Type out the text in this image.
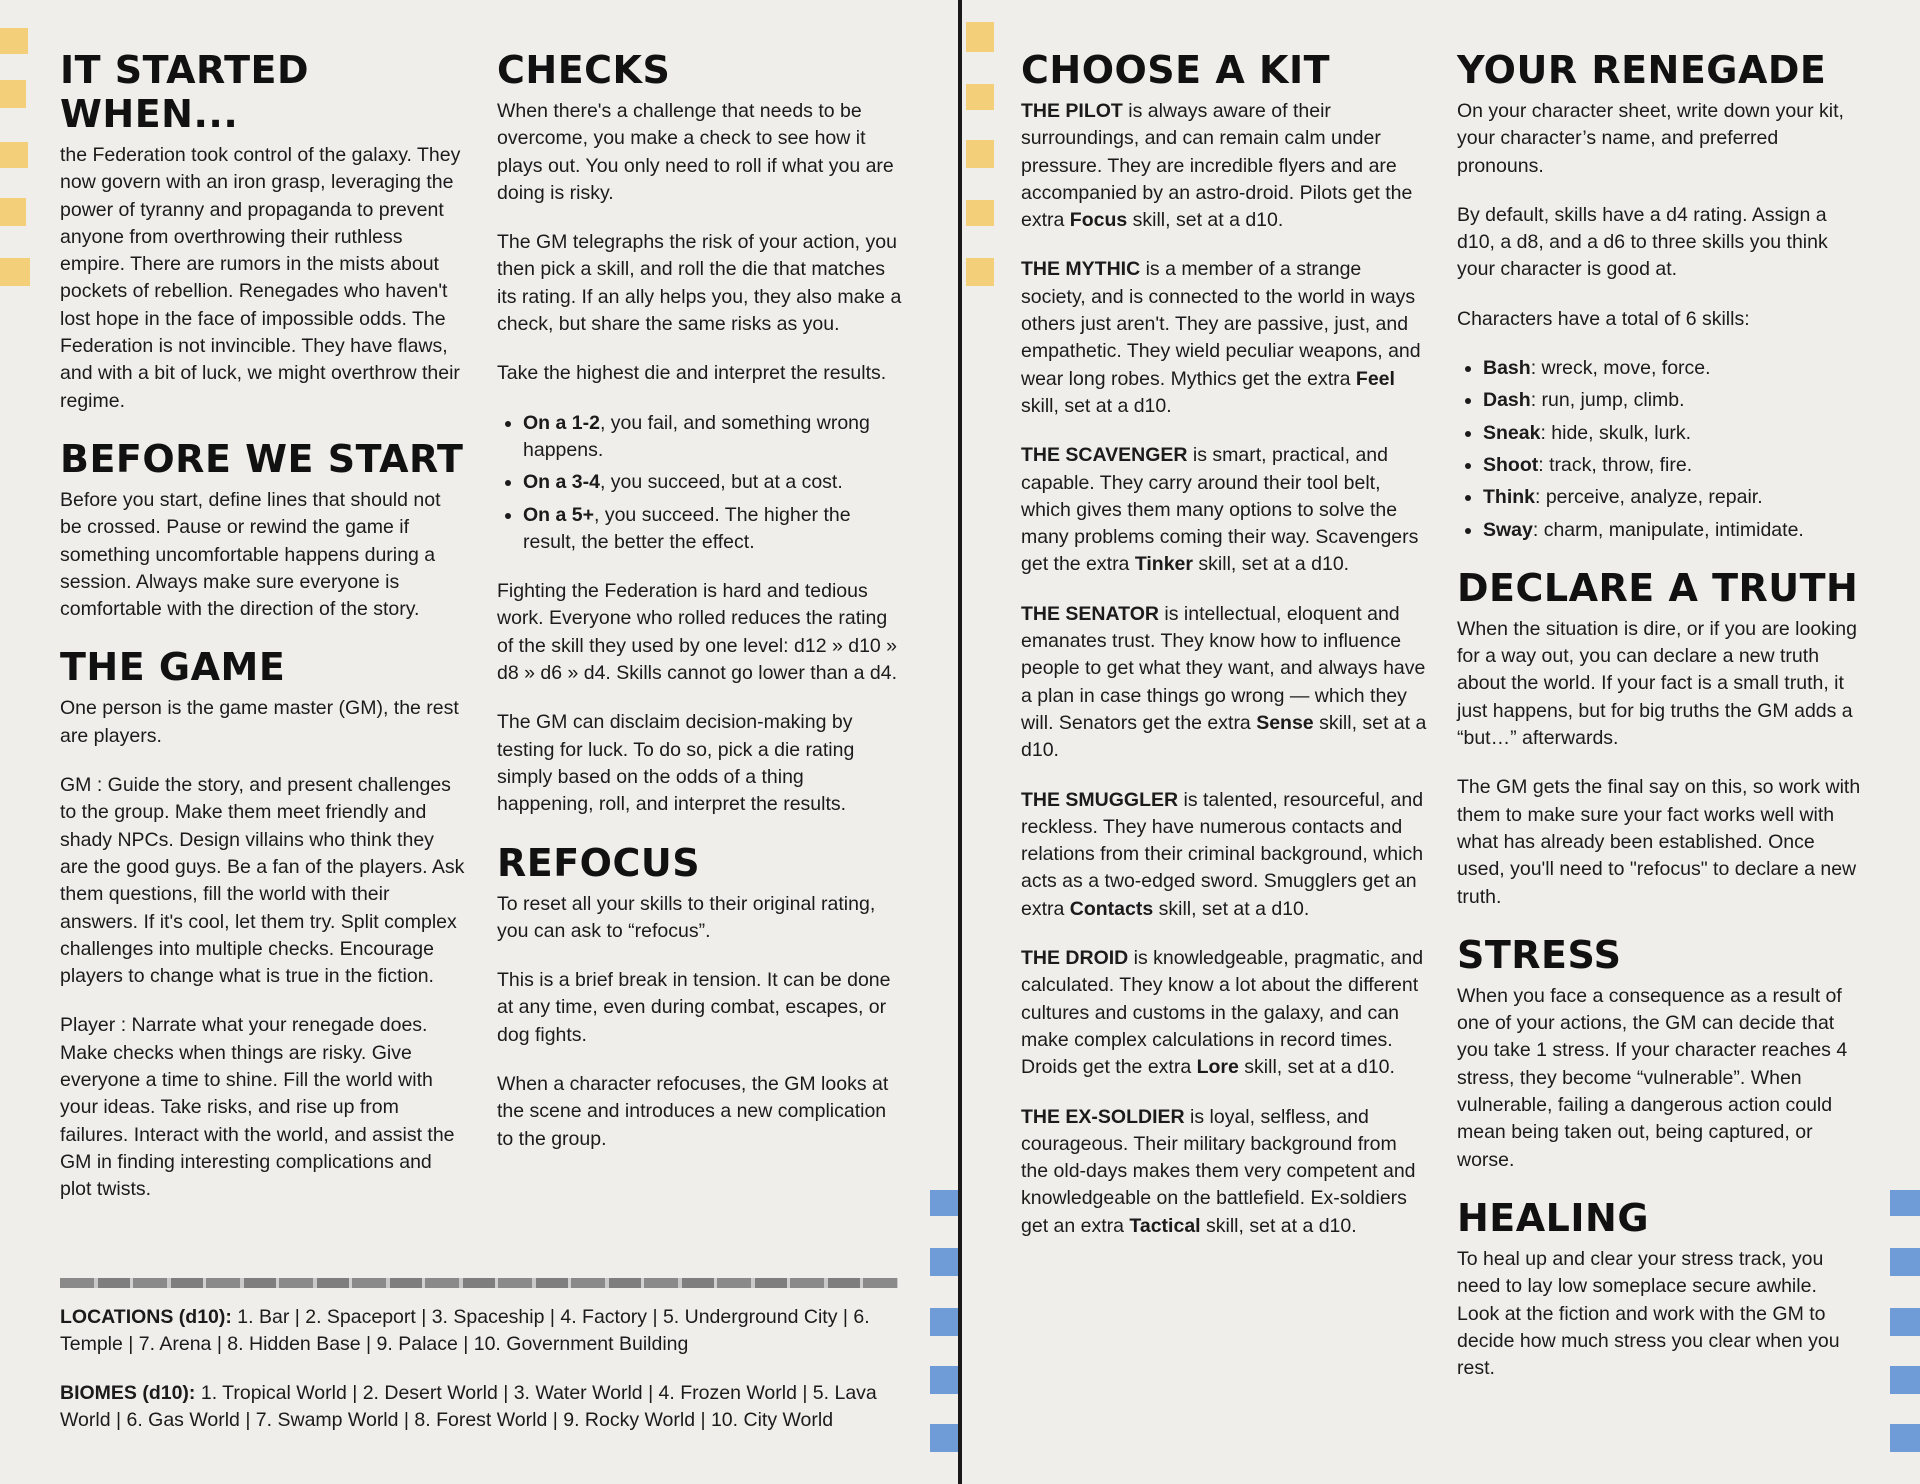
IT STARTED WHEN...

the Federation took control of the galaxy. They now govern with an iron grasp, leveraging the power of tyranny and propaganda to prevent anyone from overthrowing their ruthless empire. There are rumors in the mists about pockets of rebellion. Renegades who haven't lost hope in the face of impossible odds. The Federation is not invincible. They have flaws, and with a bit of luck, we might overthrow their regime.

BEFORE WE START

Before you start, define lines that should not be crossed. Pause or rewind the game if something uncomfortable happens during a session. Always make sure everyone is comfortable with the direction of the story.

THE GAME

One person is the game master (GM), the rest are players.

GM : Guide the story, and present challenges to the group. Make them meet friendly and shady NPCs. Design villains who think they are the good guys. Be a fan of the players. Ask them questions, fill the world with their answers. If it's cool, let them try. Split complex challenges into multiple checks. Encourage players to change what is true in the fiction.

Player : Narrate what your renegade does. Make checks when things are risky. Give everyone a time to shine. Fill the world with your ideas. Take risks, and rise up from failures. Interact with the world, and assist the GM in finding interesting complications and plot twists.

CHECKS

When there's a challenge that needs to be overcome, you make a check to see how it plays out. You only need to roll if what you are doing is risky.

The GM telegraphs the risk of your action, you then pick a skill, and roll the die that matches its rating. If an ally helps you, they also make a check, but share the same risks as you.

Take the highest die and interpret the results.

• On a 1-2, you fail, and something wrong happens.
• On a 3-4, you succeed, but at a cost.
• On a 5+, you succeed. The higher the result, the better the effect.

Fighting the Federation is hard and tedious work. Everyone who rolled reduces the rating of the skill they used by one level: d12 » d10 » d8 » d6 » d4. Skills cannot go lower than a d4.

The GM can disclaim decision-making by testing for luck. To do so, pick a die rating simply based on the odds of a thing happening, roll, and interpret the results.

REFOCUS

To reset all your skills to their original rating, you can ask to “refocus”.

This is a brief break in tension. It can be done at any time, even during combat, escapes, or dog fights.

When a character refocuses, the GM looks at the scene and introduces a new complication to the group.

LOCATIONS (d10): 1. Bar | 2. Spaceport | 3. Spaceship | 4. Factory | 5. Underground City | 6. Temple | 7. Arena | 8. Hidden Base | 9. Palace | 10. Government Building
BIOMES (d10): 1. Tropical World | 2. Desert World | 3. Water World | 4. Frozen World | 5. Lava World | 6. Gas World | 7. Swamp World | 8. Forest World | 9. Rocky World | 10. City World
CHOOSE A KIT

THE PILOT is always aware of their surroundings, and can remain calm under pressure. They are incredible flyers and are accompanied by an astro-droid. Pilots get the extra Focus skill, set at a d10.

THE MYTHIC is a member of a strange society, and is connected to the world in ways others just aren't. They are passive, just, and empathetic. They wield peculiar weapons, and wear long robes. Mythics get the extra Feel skill, set at a d10.

THE SCAVENGER is smart, practical, and capable. They carry around their tool belt, which gives them many options to solve the many problems coming their way. Scavengers get the extra Tinker skill, set at a d10.

THE SENATOR is intellectual, eloquent and emanates trust. They know how to influence people to get what they want, and always have a plan in case things go wrong — which they will. Senators get the extra Sense skill, set at a d10.

THE SMUGGLER is talented, resourceful, and reckless. They have numerous contacts and relations from their criminal background, which acts as a two-edged sword. Smugglers get an extra Contacts skill, set at a d10.

THE DROID is knowledgeable, pragmatic, and calculated. They know a lot about the different cultures and customs in the galaxy, and can make complex calculations in record times. Droids get the extra Lore skill, set at a d10.

THE EX-SOLDIER is loyal, selfless, and courageous. Their military background from the old-days makes them very competent and knowledgeable on the battlefield. Ex-soldiers get an extra Tactical skill, set at a d10.

YOUR RENEGADE

On your character sheet, write down your kit, your character’s name, and preferred pronouns.

By default, skills have a d4 rating. Assign a d10, a d8, and a d6 to three skills you think your character is good at.

Characters have a total of 6 skills:

• Bash: wreck, move, force.
• Dash: run, jump, climb.
• Sneak: hide, skulk, lurk.
• Shoot: track, throw, fire.
• Think: perceive, analyze, repair.
• Sway: charm, manipulate, intimidate.
DECLARE A TRUTH

When the situation is dire, or if you are looking for a way out, you can declare a new truth about the world. If your fact is a small truth, it just happens, but for big truths the GM adds a “but…” afterwards.

The GM gets the final say on this, so work with them to make sure your fact works well with what has already been established. Once used, you'll need to "refocus" to declare a new truth.

STRESS

When you face a consequence as a result of one of your actions, the GM can decide that you take 1 stress. If your character reaches 4 stress, they become “vulnerable”. When vulnerable, failing a dangerous action could mean being taken out, being captured, or worse.

HEALING

To heal up and clear your stress track, you need to lay low someplace secure awhile. Look at the fiction and work with the GM to decide how much stress you clear when you rest.
